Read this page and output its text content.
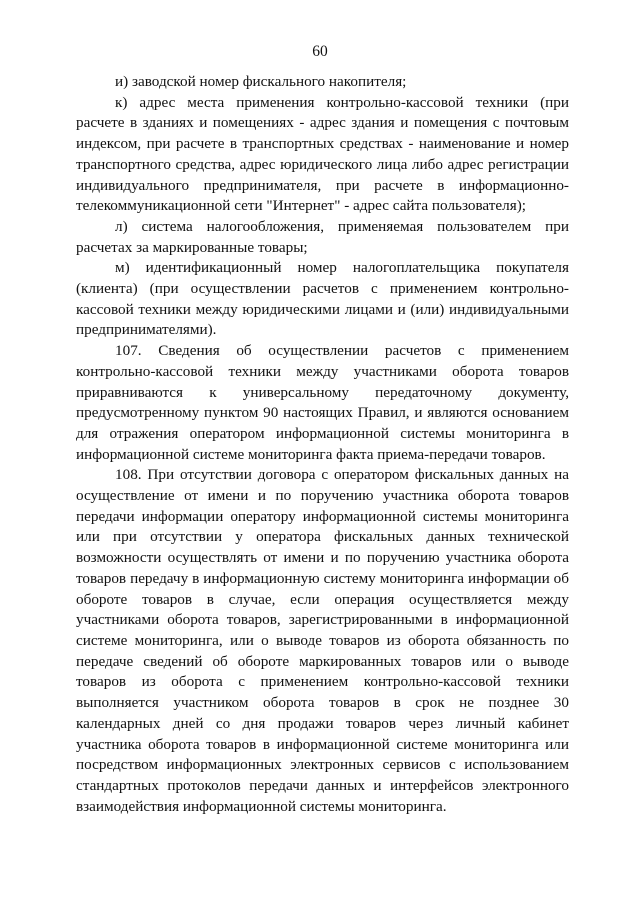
60

и) заводской номер фискального накопителя;

к) адрес места применения контрольно-кассовой техники (при расчете в зданиях и помещениях - адрес здания и помещения с почтовым индексом, при расчете в транспортных средствах - наименование и номер транспортного средства, адрес юридического лица либо адрес регистрации индивидуального предпринимателя, при расчете в информационно-телекоммуникационной сети "Интернет" - адрес сайта пользователя);

л) система налогообложения, применяемая пользователем при расчетах за маркированные товары;

м) идентификационный номер налогоплательщика покупателя (клиента) (при осуществлении расчетов с применением контрольно-кассовой техники между юридическими лицами и (или) индивидуальными предпринимателями).

107. Сведения об осуществлении расчетов с применением контрольно-кассовой техники между участниками оборота товаров приравниваются к универсальному передаточному документу, предусмотренному пунктом 90 настоящих Правил, и являются основанием для отражения оператором информационной системы мониторинга в информационной системе мониторинга факта приема-передачи товаров.

108. При отсутствии договора с оператором фискальных данных на осуществление от имени и по поручению участника оборота товаров передачи информации оператору информационной системы мониторинга или при отсутствии у оператора фискальных данных технической возможности осуществлять от имени и по поручению участника оборота товаров передачу в информационную систему мониторинга информации об обороте товаров в случае, если операция осуществляется между участниками оборота товаров, зарегистрированными в информационной системе мониторинга, или о выводе товаров из оборота обязанность по передаче сведений об обороте маркированных товаров или о выводе товаров из оборота с применением контрольно-кассовой техники выполняется участником оборота товаров в срок не позднее 30 календарных дней со дня продажи товаров через личный кабинет участника оборота товаров в информационной системе мониторинга или посредством информационных электронных сервисов с использованием стандартных протоколов передачи данных и интерфейсов электронного взаимодействия информационной системы мониторинга.
